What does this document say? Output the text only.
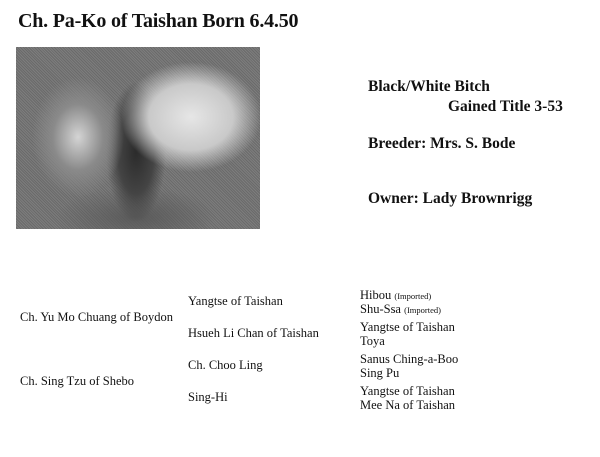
Ch. Pa-Ko of Taishan Born 6.4.50
Black/White Bitch
Gained Title 3-53
Breeder: Mrs. S. Bode
Owner: Lady Brownrigg
Ch. Yu Mo Chuang of Boydon
Ch. Sing Tzu of Shebo
Yangtse of Taishan
Hsueh Li Chan of Taishan
Ch. Choo Ling
Sing-Hi
Hibou (Imported)
Shu-Ssa (Imported)
Yangtse of Taishan
Toya
Sanus Ching-a-Boo
Sing Pu
Yangtse of Taishan
Mee Na of Taishan
